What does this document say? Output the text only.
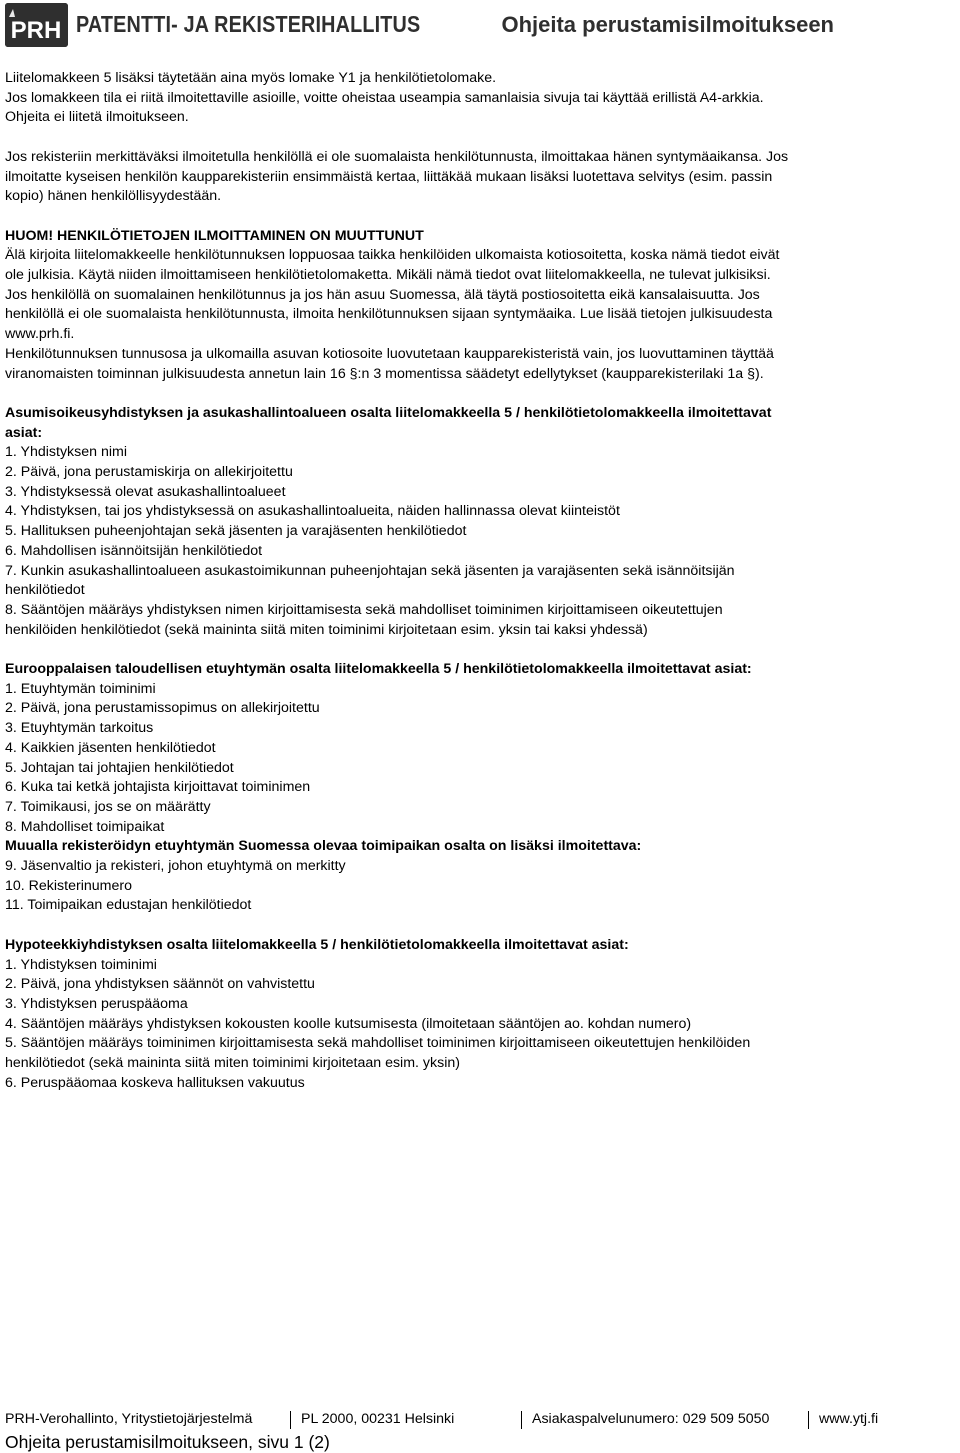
PRH PATENTTI- JA REKISTERIHALLITUS	Ohjeita perustamisilmoitukseen

Liitelomakkeen 5 lisäksi täytetään aina myös lomake Y1 ja henkilötietolomake.

Jos lomakkeen tila ei riitä ilmoitettaville asioille, voitte oheistaa useampia samanlaisia sivuja tai käyttää erillistä A4-arkkia.

Ohjeita ei liitetä ilmoitukseen.

Jos rekisteriin merkittäväksi ilmoitetulla henkilöllä ei ole suomalaista henkilötunnusta, ilmoittakaa hänen syntymäaikansa. Jos

ilmoitatte kyseisen henkilön kaupparekisteriin ensimmäistä kertaa, liittäkää mukaan lisäksi luotettava selvitys (esim. passin

kopio) hänen henkilöllisyydestään.

HUOM! HENKILÖTIETOJEN ILMOITTAMINEN ON MUUTTUNUT

Älä kirjoita liitelomakkeelle henkilötunnuksen loppuosaa taikka henkilöiden ulkomaista kotiosoitetta, koska nämä tiedot eivät

ole julkisia. Käytä niiden ilmoittamiseen henkilötietolomaketta. Mikäli nämä tiedot ovat liitelomakkeella, ne tulevat julkisiksi.

Jos henkilöllä on suomalainen henkilötunnus ja jos hän asuu Suomessa, älä täytä postiosoitetta eikä kansalaisuutta. Jos

henkilöllä ei ole suomalaista henkilötunnusta, ilmoita henkilötunnuksen sijaan syntymäaika. Lue lisää tietojen julkisuudesta

www.prh.fi.

Henkilötunnuksen tunnusosa ja ulkomailla asuvan kotiosoite luovutetaan kaupparekisteristä vain, jos luovuttaminen täyttää

viranomaisten toiminnan julkisuudesta annetun lain 16 §:n 3 momentissa säädetyt edellytykset (kaupparekisterilaki 1a §).

Asumisoikeusyhdistyksen ja asukashallintoalueen osalta liitelomakkeella 5 / henkilötietolomakkeella ilmoitettavat

asiat:

1. Yhdistyksen nimi

2. Päivä, jona perustamiskirja on allekirjoitettu

3. Yhdistyksessä olevat asukashallintoalueet

4. Yhdistyksen, tai jos yhdistyksessä on asukashallintoalueita, näiden hallinnassa olevat kiinteistöt

5. Hallituksen puheenjohtajan sekä jäsenten ja varajäsenten henkilötiedot

6. Mahdollisen isännöitsijän henkilötiedot

7. Kunkin asukashallintoalueen asukastoimikunnan puheenjohtajan sekä jäsenten ja varajäsenten sekä isännöitsijän

henkilötiedot

8. Sääntöjen määräys yhdistyksen nimen kirjoittamisesta sekä mahdolliset toiminimen kirjoittamiseen oikeutettujen

henkilöiden henkilötiedot (sekä maininta siitä miten toiminimi kirjoitetaan esim. yksin tai kaksi yhdessä)

Eurooppalaisen taloudellisen etuyhtymän osalta liitelomakkeella 5 / henkilötietolomakkeella ilmoitettavat asiat:

1. Etuyhtymän toiminimi

2. Päivä, jona perustamissopimus on allekirjoitettu

3. Etuyhtymän tarkoitus

4. Kaikkien jäsenten henkilötiedot

5. Johtajan tai johtajien henkilötiedot

6. Kuka tai ketkä johtajista kirjoittavat toiminimen

7. Toimikausi, jos se on määrätty

8. Mahdolliset toimipaikat

Muualla rekisteröidyn etuyhtymän Suomessa olevaa toimipaikan osalta on lisäksi ilmoitettava:

9. Jäsenvaltio ja rekisteri, johon etuyhtymä on merkitty

10. Rekisterinumero

11. Toimipaikan edustajan henkilötiedot

Hypoteekkiyhdistyksen osalta liitelomakkeella 5 / henkilötietolomakkeella ilmoitettavat asiat:

1. Yhdistyksen toiminimi

2. Päivä, jona yhdistyksen säännöt on vahvistettu

3. Yhdistyksen peruspääoma

4. Sääntöjen määräys yhdistyksen kokousten koolle kutsumisesta (ilmoitetaan sääntöjen ao. kohdan numero)

5. Sääntöjen määräys toiminimen kirjoittamisesta sekä mahdolliset toiminimen kirjoittamiseen oikeutettujen henkilöiden

henkilötiedot (sekä maininta siitä miten toiminimi kirjoitetaan esim. yksin)

6. Peruspääomaa koskeva hallituksen vakuutus

PRH-Verohallinto, Yritystietojärjestelmä	PL 2000, 00231 Helsinki	Asiakaspalvelunumero: 029 509 5050	www.ytj.fi
Ohjeita perustamisilmoitukseen, sivu 1 (2)
